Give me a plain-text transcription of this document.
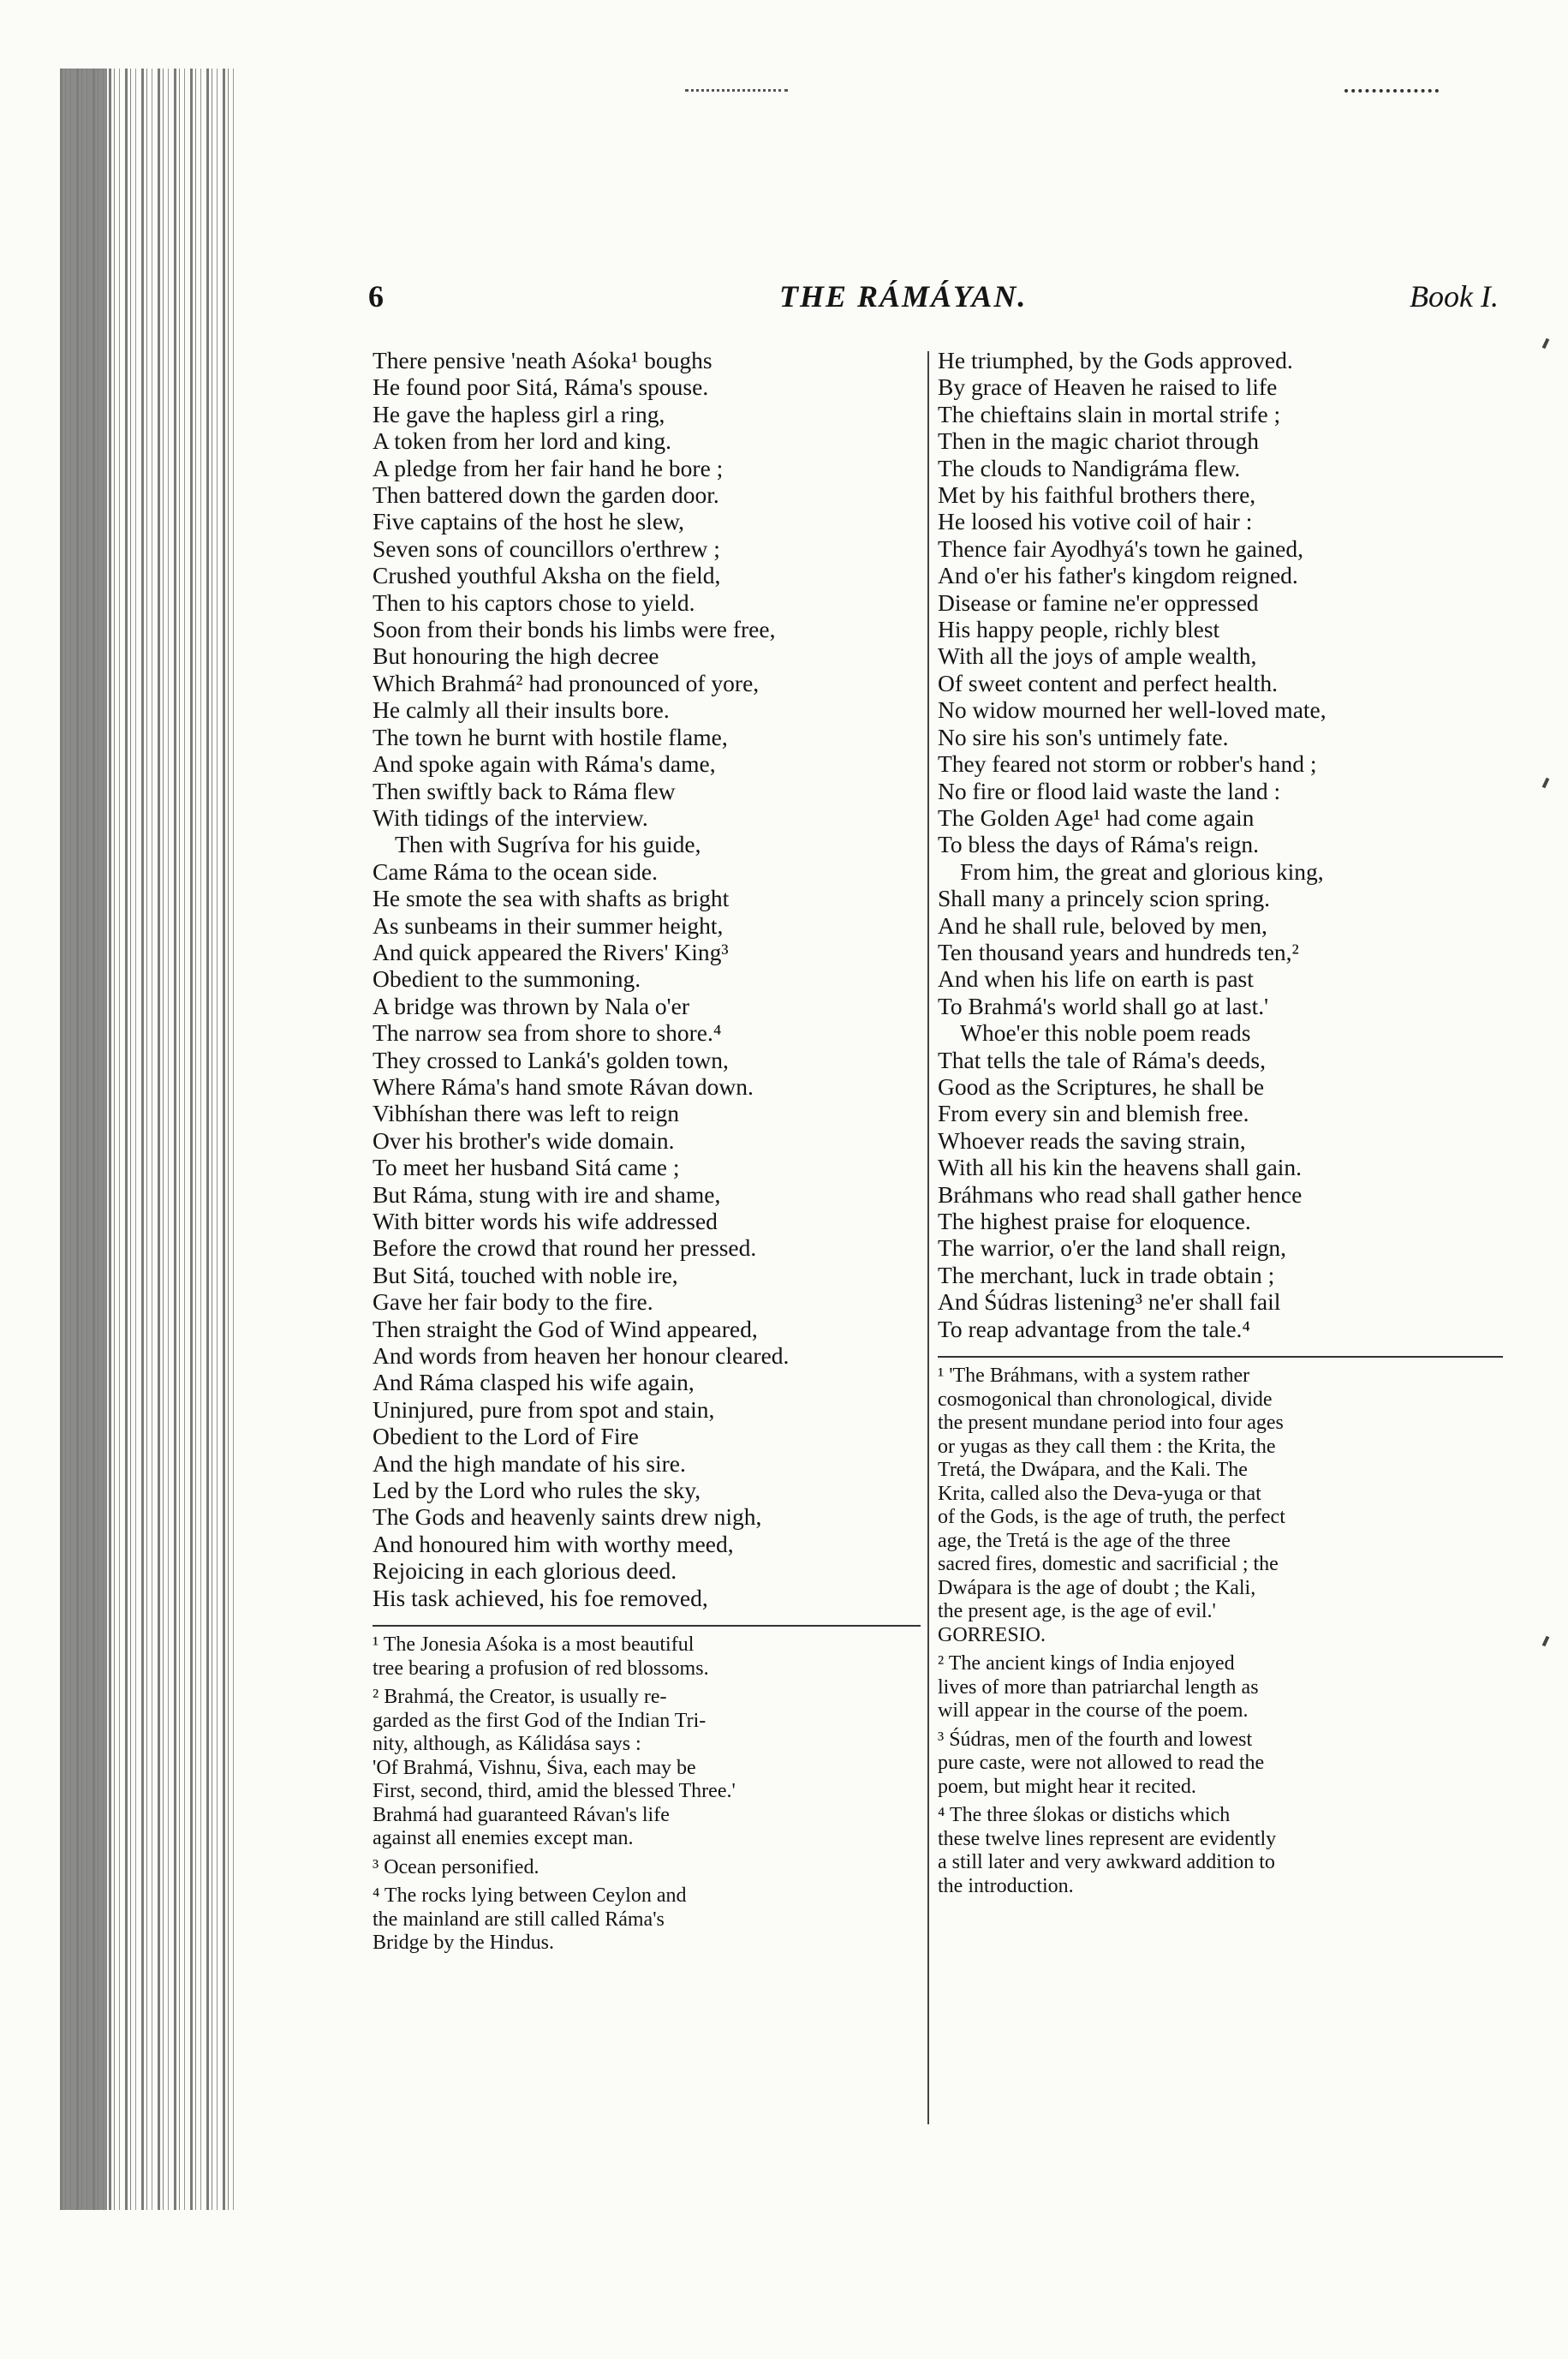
6	THE RÁMÁYAN.	Book I.
There pensive 'neath Aśoka¹ boughs
He found poor Sitá, Ráma's spouse.
He gave the hapless girl a ring,
A token from her lord and king.
A pledge from her fair hand he bore ;
Then battered down the garden door.
Five captains of the host he slew,
Seven sons of councillors o'erthrew ;
Crushed youthful Aksha on the field,
Then to his captors chose to yield.
Soon from their bonds his limbs were free,
But honouring the high decree
Which Brahmá² had pronounced of yore,
He calmly all their insults bore.
The town he burnt with hostile flame,
And spoke again with Ráma's dame,
Then swiftly back to Ráma flew
With tidings of the interview.
Then with Sugríva for his guide,
Came Ráma to the ocean side.
He smote the sea with shafts as bright
As sunbeams in their summer height,
And quick appeared the Rivers' King³
Obedient to the summoning.
A bridge was thrown by Nala o'er
The narrow sea from shore to shore.⁴
They crossed to Lanká's golden town,
Where Ráma's hand smote Rávan down.
Vibhíshan there was left to reign
Over his brother's wide domain.
To meet her husband Sitá came ;
But Ráma, stung with ire and shame,
With bitter words his wife addressed
Before the crowd that round her pressed.
But Sitá, touched with noble ire,
Gave her fair body to the fire.
Then straight the God of Wind appeared,
And words from heaven her honour cleared.
And Ráma clasped his wife again,
Uninjured, pure from spot and stain,
Obedient to the Lord of Fire
And the high mandate of his sire.
Led by the Lord who rules the sky,
The Gods and heavenly saints drew nigh,
And honoured him with worthy meed,
Rejoicing in each glorious deed.
His task achieved, his foe removed,

¹ The Jonesia Aśoka is a most beautiful
tree bearing a profusion of red blossoms.

² Brahmá, the Creator, is usually re-
garded as the first God of the Indian Tri-
nity, although, as Kálidása says :
'Of Brahmá, Vishnu, Śiva, each may be
First, second, third, amid the blessed Three.'
Brahmá had guaranteed Rávan's life
against all enemies except man.

³ Ocean personified.

⁴ The rocks lying between Ceylon and
the mainland are still called Ráma's
Bridge by the Hindus.

He triumphed, by the Gods approved.
By grace of Heaven he raised to life
The chieftains slain in mortal strife ;
Then in the magic chariot through
The clouds to Nandigráma flew.
Met by his faithful brothers there,
He loosed his votive coil of hair :
Thence fair Ayodhyá's town he gained,
And o'er his father's kingdom reigned.
Disease or famine ne'er oppressed
His happy people, richly blest
With all the joys of ample wealth,
Of sweet content and perfect health.
No widow mourned her well-loved mate,
No sire his son's untimely fate.
They feared not storm or robber's hand ;
No fire or flood laid waste the land :
The Golden Age¹ had come again
To bless the days of Ráma's reign.
From him, the great and glorious king,
Shall many a princely scion spring.
And he shall rule, beloved by men,
Ten thousand years and hundreds ten,²
And when his life on earth is past
To Brahmá's world shall go at last.'
Whoe'er this noble poem reads
That tells the tale of Ráma's deeds,
Good as the Scriptures, he shall be
From every sin and blemish free.
Whoever reads the saving strain,
With all his kin the heavens shall gain.
Bráhmans who read shall gather hence
The highest praise for eloquence.
The warrior, o'er the land shall reign,
The merchant, luck in trade obtain ;
And Śúdras listening³ ne'er shall fail
To reap advantage from the tale.⁴

¹ 'The Bráhmans, with a system rather
cosmogonical than chronological, divide
the present mundane period into four ages
or yugas as they call them : the Krita, the
Tretá, the Dwápara, and the Kali. The
Krita, called also the Deva-yuga or that
of the Gods, is the age of truth, the perfect
age, the Tretá is the age of the three
sacred fires, domestic and sacrificial ; the
Dwápara is the age of doubt ; the Kali,
the present age, is the age of evil.'
GORRESIO.

² The ancient kings of India enjoyed
lives of more than patriarchal length as
will appear in the course of the poem.

³ Śúdras, men of the fourth and lowest
pure caste, were not allowed to read the
poem, but might hear it recited.

⁴ The three ślokas or distichs which
these twelve lines represent are evidently
a still later and very awkward addition to
the introduction.
